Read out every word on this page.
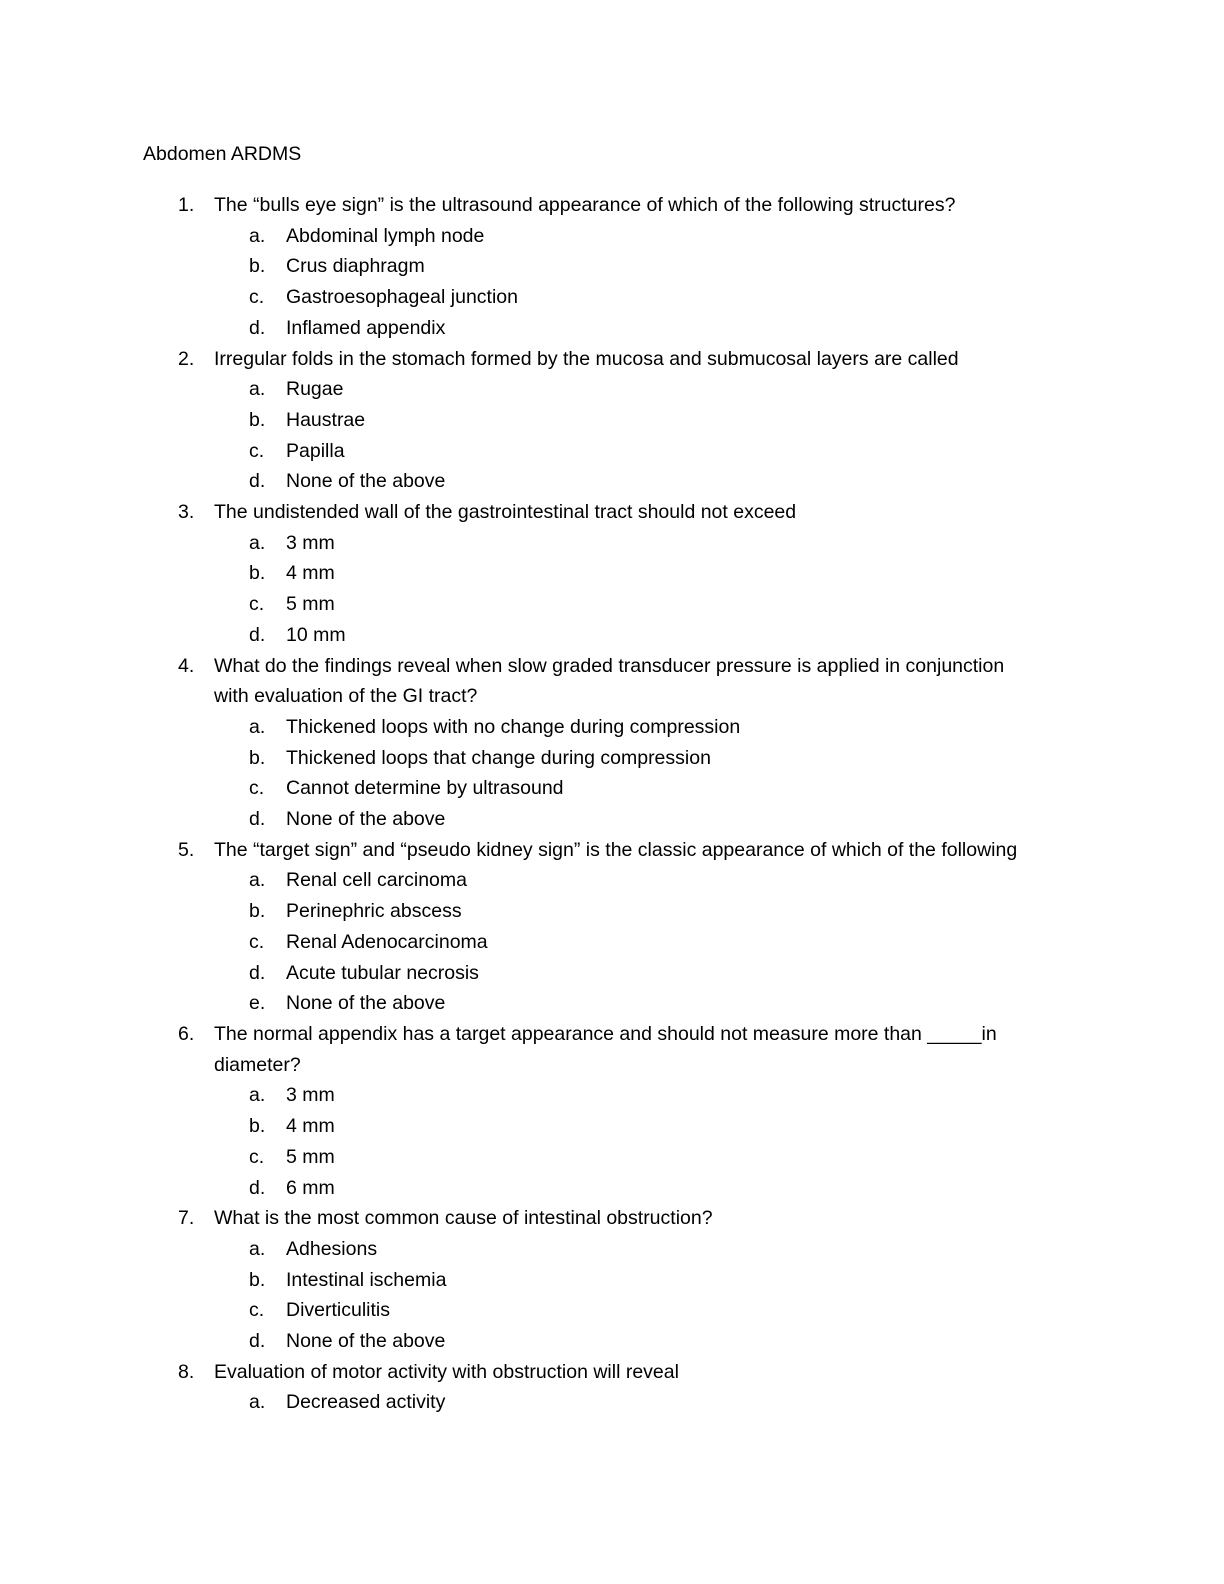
Abdomen ARDMS

1. The “bulls eye sign” is the ultrasound appearance of which of the following structures?
a. Abdominal lymph node
b. Crus diaphragm
c. Gastroesophageal junction
d. Inflamed appendix
2. Irregular folds in the stomach formed by the mucosa and submucosal layers are called
a. Rugae
b. Haustrae
c. Papilla
d. None of the above
3. The undistended wall of the gastrointestinal tract should not exceed
a. 3 mm
b. 4 mm
c. 5 mm
d. 10 mm
4. What do the findings reveal when slow graded transducer pressure is applied in conjunction
with evaluation of the GI tract?
a. Thickened loops with no change during compression
b. Thickened loops that change during compression
c. Cannot determine by ultrasound
d. None of the above
5. The “target sign” and “pseudo kidney sign” is the classic appearance of which of the following
a. Renal cell carcinoma
b. Perinephric abscess
c. Renal Adenocarcinoma
d. Acute tubular necrosis
e. None of the above
6. The normal appendix has a target appearance and should not measure more than _____in
diameter?
a. 3 mm
b. 4 mm
c. 5 mm
d. 6 mm
7. What is the most common cause of intestinal obstruction?
a. Adhesions
b. Intestinal ischemia
c. Diverticulitis
d. None of the above
8. Evaluation of motor activity with obstruction will reveal
a. Decreased activity
